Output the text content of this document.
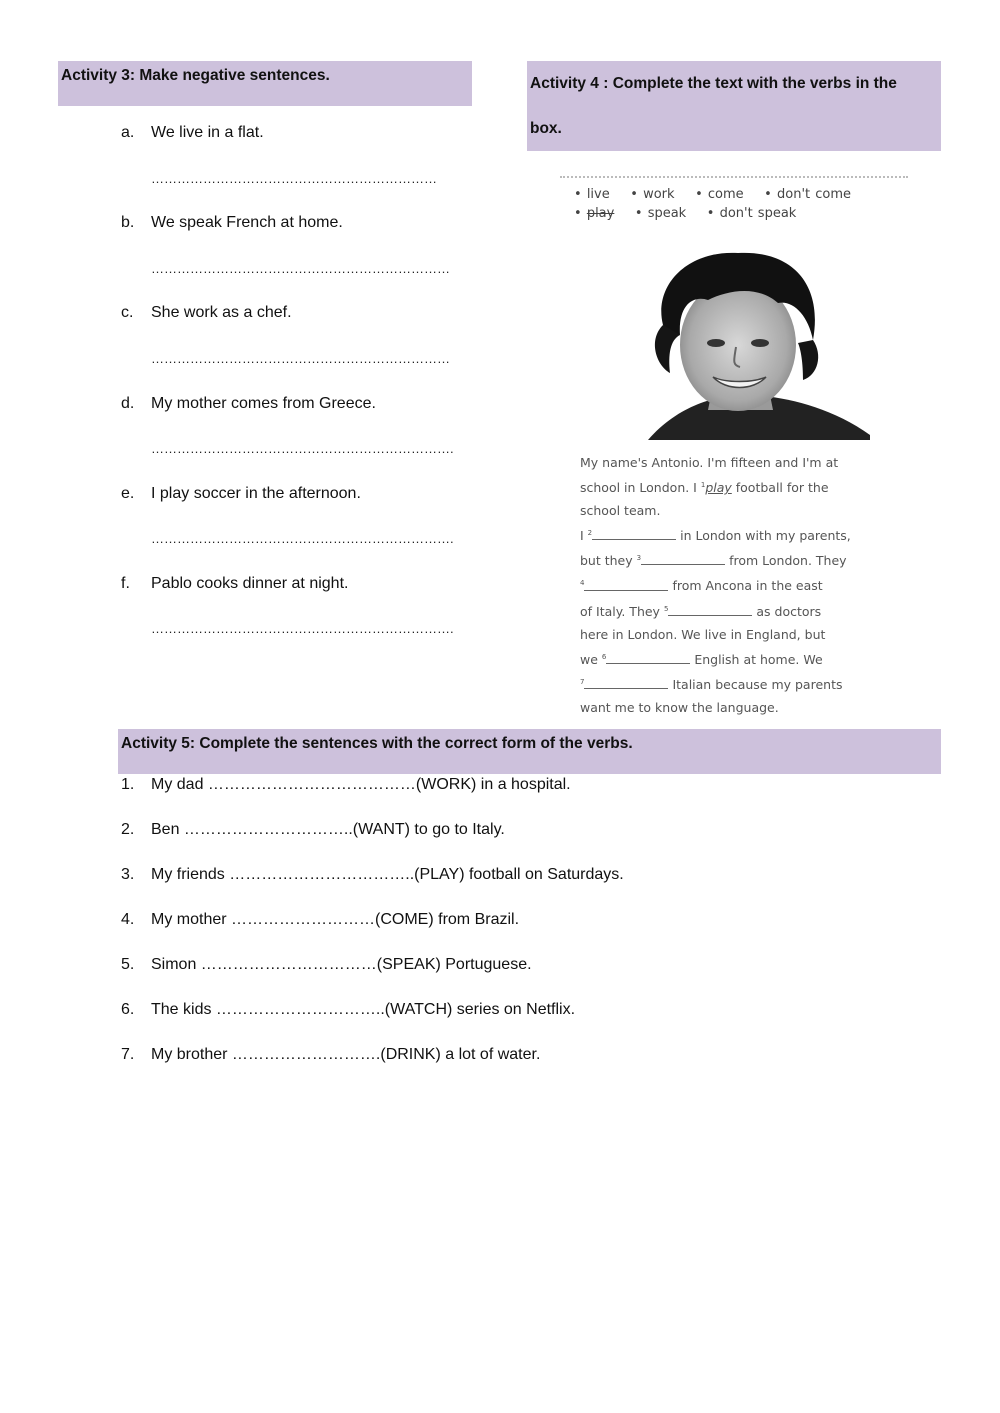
Activity 3: Make negative sentences.
a. We live in a flat.
…………………………………………………………
b. We speak French at home.
……………………………………………………………
c. She work as a chef.
……………………………………………………………
d. My mother comes from Greece.
…………………………………………………………….
e. I play soccer in the afternoon.
…………………………………………………………….
f. Pablo cooks dinner at night.
…………………………………………………………….
Activity 4 : Complete the text with the verbs in the
box.
• live    • work    • come    • don't come
• play    • speak    • don't speak
My name's Antonio. I'm fifteen and I'm at
school in London. I $^1$play football for the
school team.
I $^2$	in London with my parents,
but they $^3$	from London. They
$^4$	from Ancona in the east
of Italy. They $^5$	as doctors
here in London. We live in England, but
we $^6$	English at home. We
$^7$	Italian because my parents
want me to know the language.
Activity 5: Complete the sentences with the correct form of the verbs.
1. My dad …………………………………(WORK) in a hospital.
2. Ben …………………………..(WANT) to go to Italy.
3. My friends ……………………………..(PLAY) football on Saturdays.
4. My mother ………………………(COME) from Brazil.
5. Simon ……………………………(SPEAK) Portuguese.
6. The kids …………………………..(WATCH) series on Netflix.
7. My brother ……………………….(DRINK) a lot of water.
